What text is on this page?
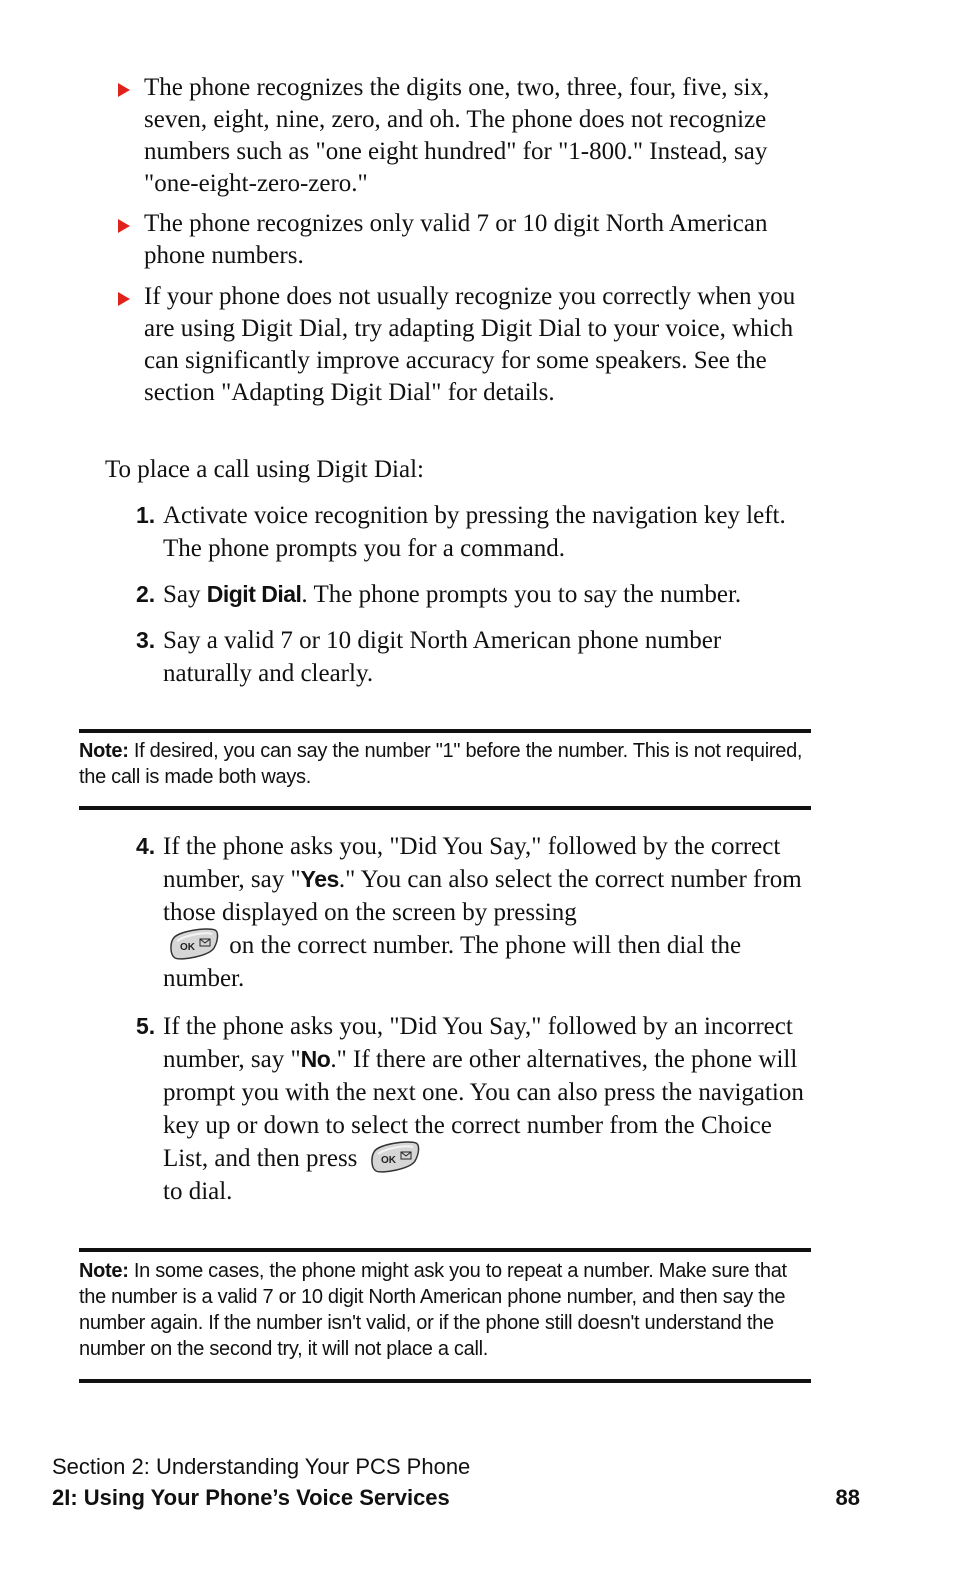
The phone recognizes the digits one, two, three, four, five, six, seven, eight, nine, zero, and oh. The phone does not recognize numbers such as "one eight hundred" for "1-800." Instead, say "one-eight-zero-zero."
The phone recognizes only valid 7 or 10 digit North American phone numbers.
If your phone does not usually recognize you correctly when you are using Digit Dial, try adapting Digit Dial to your voice, which can significantly improve accuracy for some speakers. See the section "Adapting Digit Dial" for details.
To place a call using Digit Dial:
1. Activate voice recognition by pressing the navigation key left. The phone prompts you for a command.
2. Say Digit Dial. The phone prompts you to say the number.
3. Say a valid 7 or 10 digit North American phone number naturally and clearly.
Note: If desired, you can say the number "1" before the number. This is not required, the call is made both ways.
4. If the phone asks you, "Did You Say," followed by the correct number, say "Yes." You can also select the correct number from those displayed on the screen by pressing

OK on the correct number. The phone will then dial the number.
5. If the phone asks you, "Did You Say," followed by an incorrect number, say "No." If there are other alternatives, the phone will prompt you with the next one. You can also press the navigation key up or down to select the correct number from the Choice List, and then press OK

to dial.
Note: In some cases, the phone might ask you to repeat a number. Make sure that the number is a valid 7 or 10 digit North American phone number, and then say the number again. If the number isn't valid, or if the phone still doesn't understand the number on the second try, it will not place a call.
Section 2: Understanding Your PCS Phone
2I: Using Your Phone’s Voice Services	88
